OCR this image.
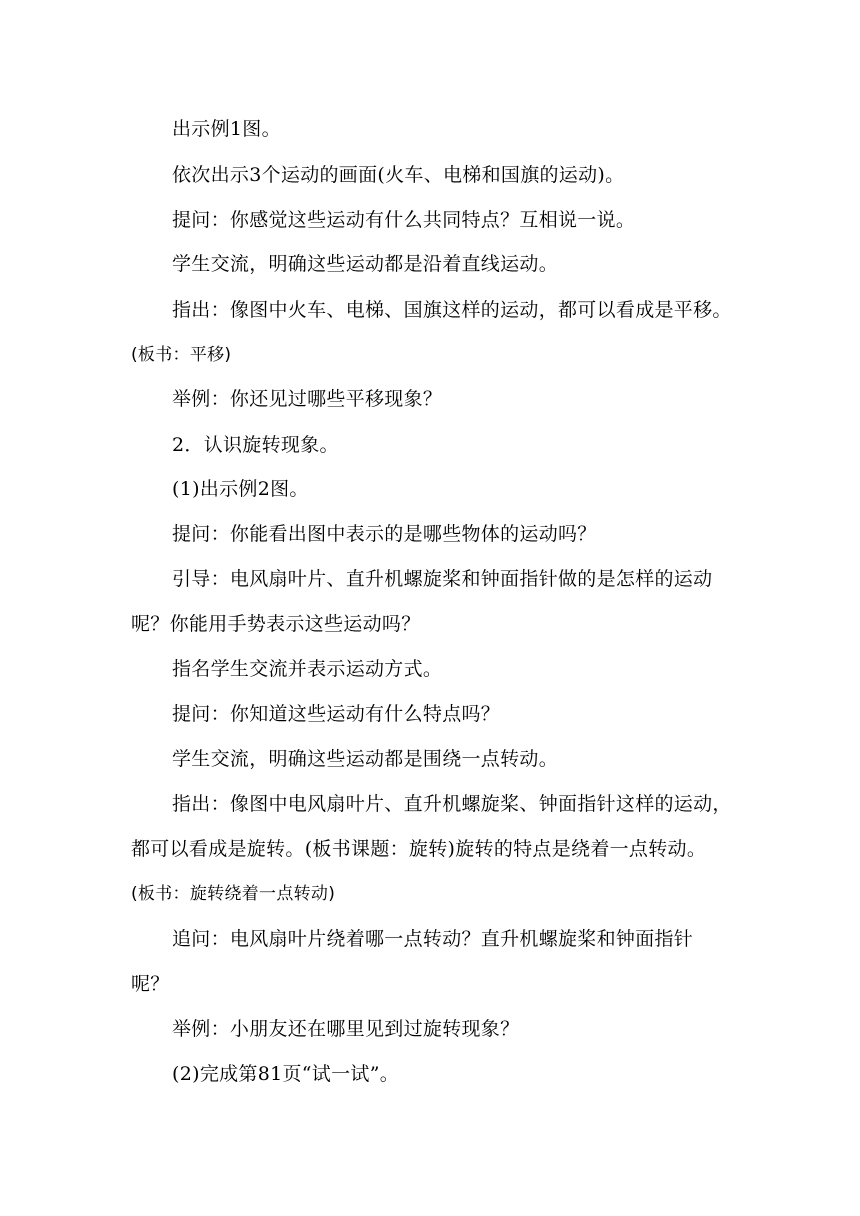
出示例1图。
依次出示3个运动的画面(火车、电梯和国旗的运动)。
提问：你感觉这些运动有什么共同特点？互相说一说。
学生交流，明确这些运动都是沿着直线运动。
指出：像图中火车、电梯、国旗这样的运动，都可以看成是平移。
(板书：平移)
举例：你还见过哪些平移现象？
2．认识旋转现象。
(1)出示例2图。
提问：你能看出图中表示的是哪些物体的运动吗？
引导：电风扇叶片、直升机螺旋桨和钟面指针做的是怎样的运动
呢？你能用手势表示这些运动吗？
指名学生交流并表示运动方式。
提问：你知道这些运动有什么特点吗？
学生交流，明确这些运动都是围绕一点转动。
指出：像图中电风扇叶片、直升机螺旋桨、钟面指针这样的运动，
都可以看成是旋转。(板书课题：旋转)旋转的特点是绕着一点转动。
(板书：旋转绕着一点转动)
追问：电风扇叶片绕着哪一点转动？直升机螺旋桨和钟面指针
呢？
举例：小朋友还在哪里见到过旋转现象？
(2)完成第81页“试一试”。
